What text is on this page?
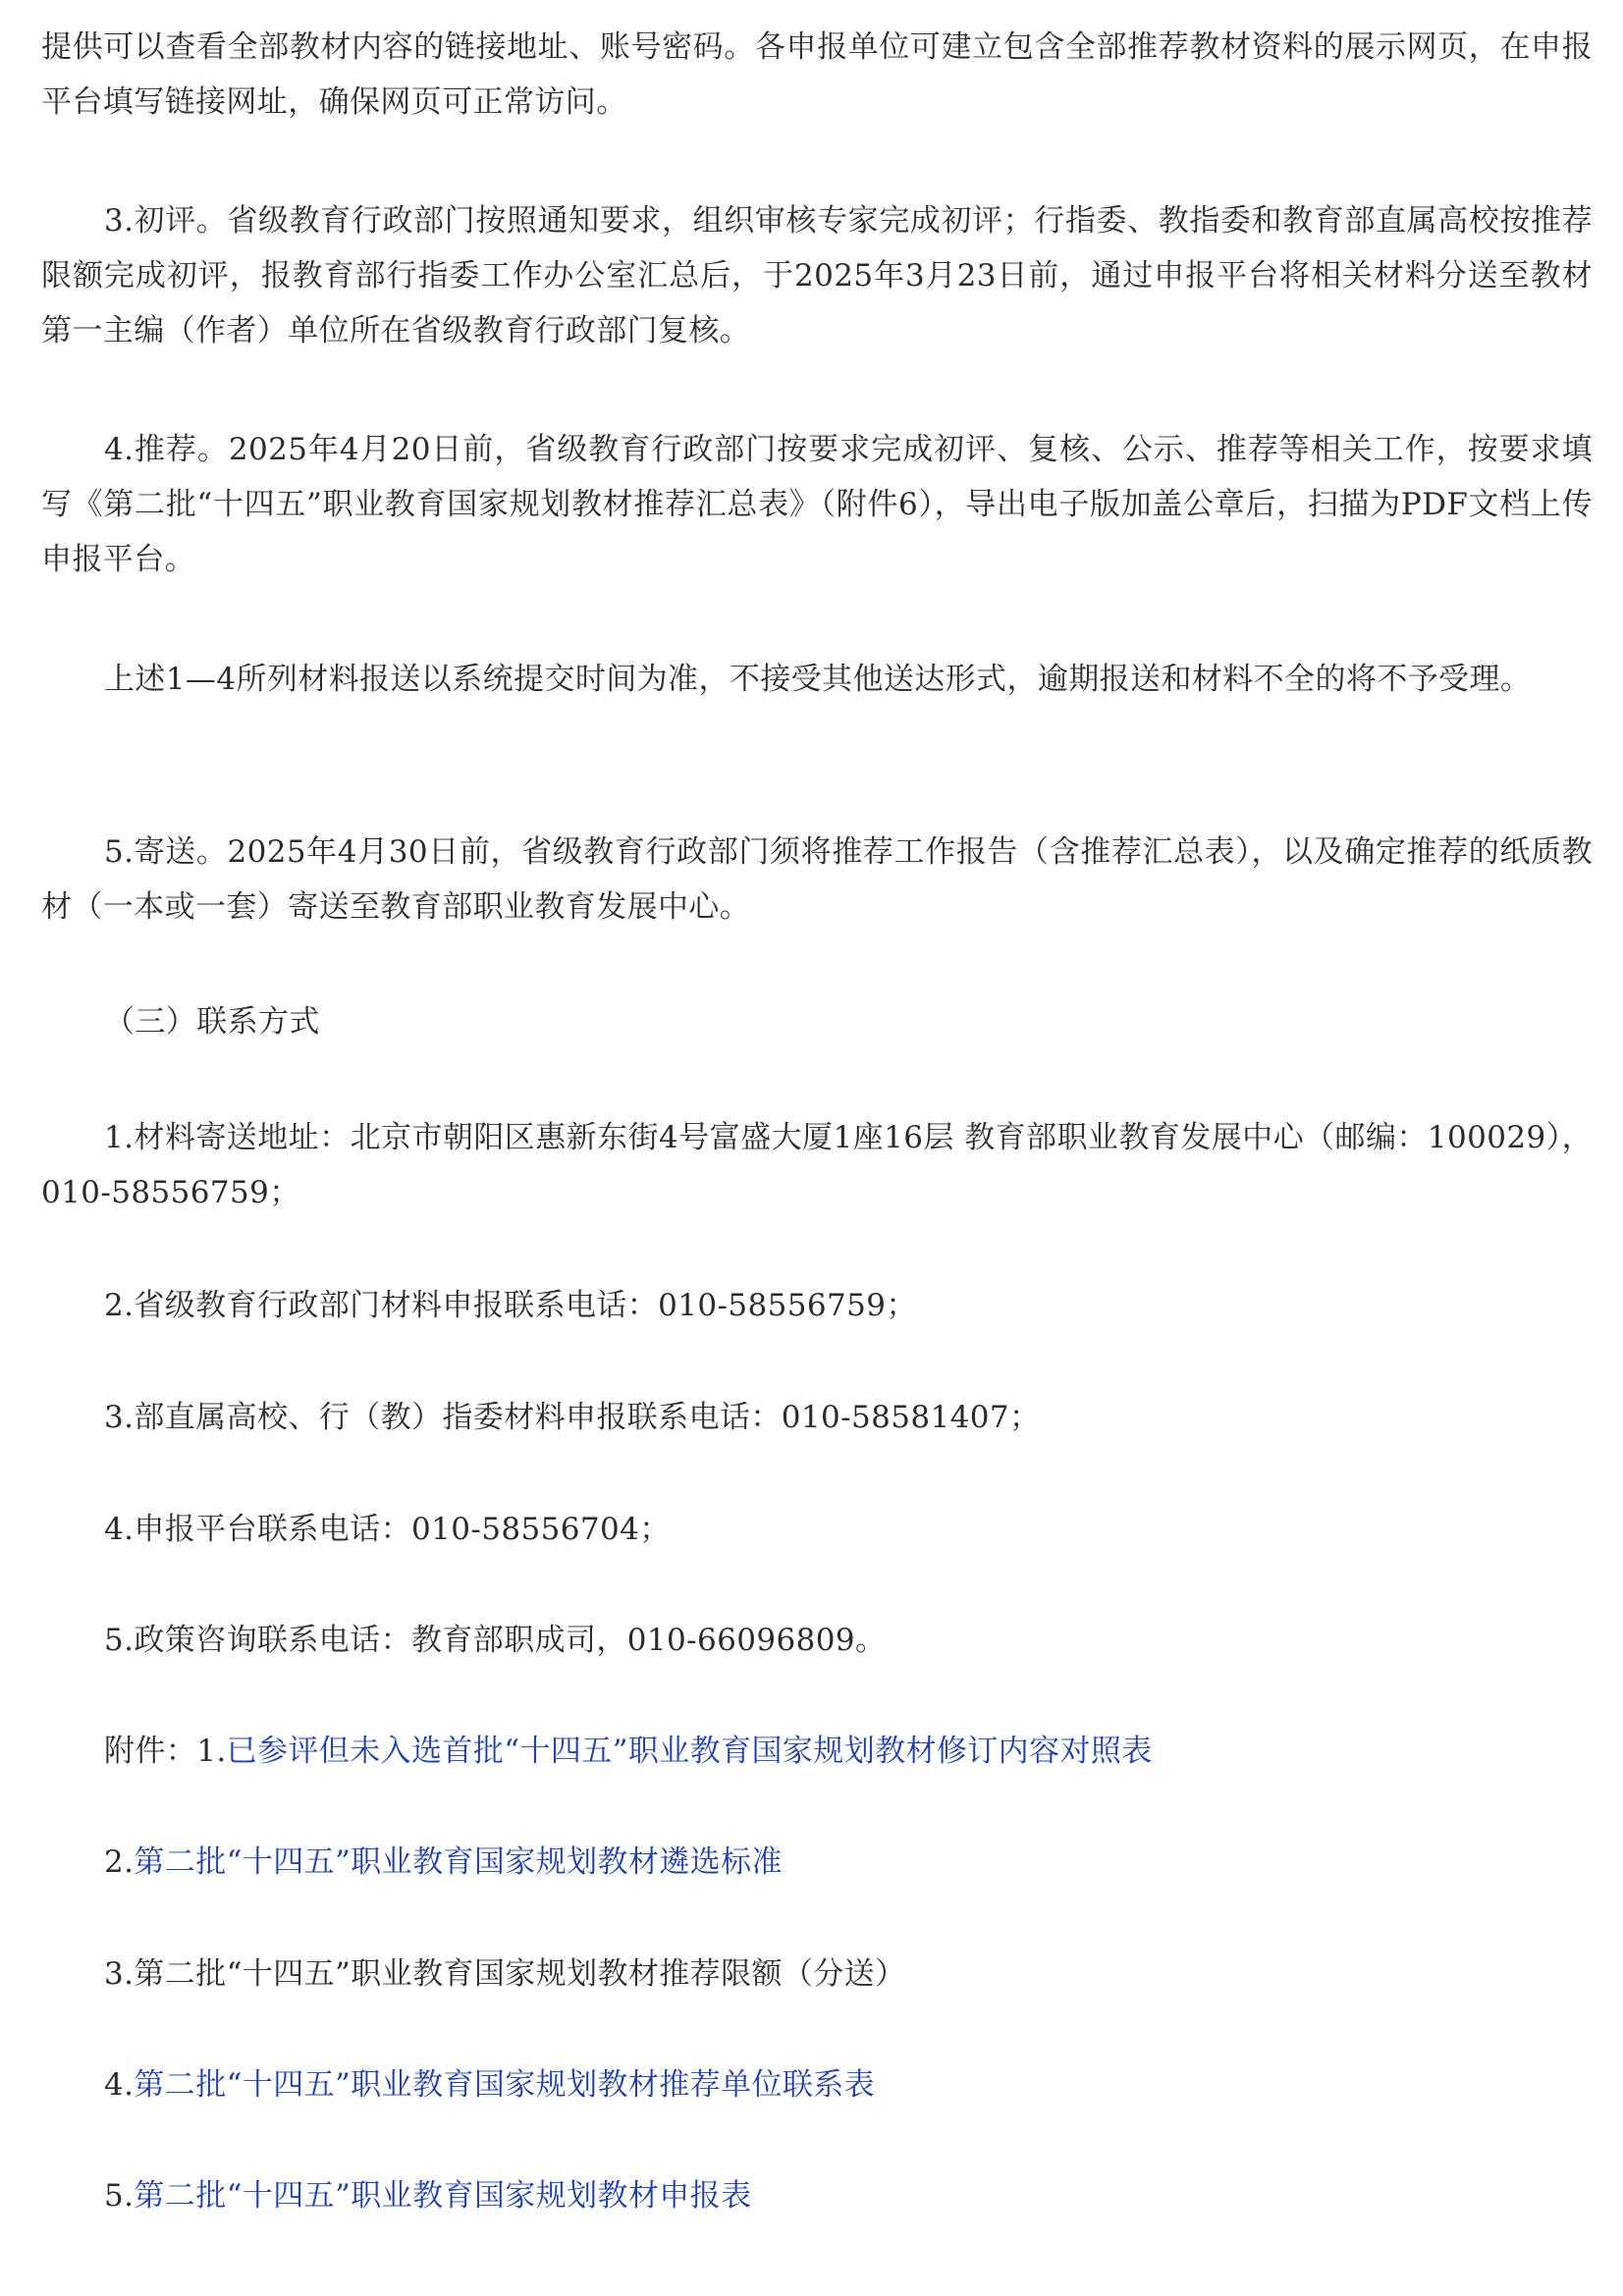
提供可以查看全部教材内容的链接地址、账号密码。各申报单位可建立包含全部推荐教材资料的展示网页，在申报平台填写链接网址，确保网页可正常访问。

3.初评。省级教育行政部门按照通知要求，组织审核专家完成初评；行指委、教指委和教育部直属高校按推荐限额完成初评，报教育部行指委工作办公室汇总后，于2025年3月23日前，通过申报平台将相关材料分送至教材第一主编（作者）单位所在省级教育行政部门复核。

4.推荐。2025年4月20日前，省级教育行政部门按要求完成初评、复核、公示、推荐等相关工作，按要求填写《第二批“十四五”职业教育国家规划教材推荐汇总表》（附件6），导出电子版加盖公章后，扫描为PDF文档上传申报平台。

上述1—4所列材料报送以系统提交时间为准，不接受其他送达形式，逾期报送和材料不全的将不予受理。

5.寄送。2025年4月30日前，省级教育行政部门须将推荐工作报告（含推荐汇总表），以及确定推荐的纸质教材（一本或一套）寄送至教育部职业教育发展中心。

（三）联系方式

1.材料寄送地址：北京市朝阳区惠新东街4号富盛大厦1座16层 教育部职业教育发展中心（邮编：100029），010-58556759；

2.省级教育行政部门材料申报联系电话：010-58556759；
3.部直属高校、行（教）指委材料申报联系电话：010-58581407；
4.申报平台联系电话：010-58556704；
5.政策咨询联系电话：教育部职成司，010-66096809。
附件：1.已参评但未入选首批“十四五”职业教育国家规划教材修订内容对照表
2.第二批“十四五”职业教育国家规划教材遴选标准
3.第二批“十四五”职业教育国家规划教材推荐限额（分送）
4.第二批“十四五”职业教育国家规划教材推荐单位联系表
5.第二批“十四五”职业教育国家规划教材申报表
